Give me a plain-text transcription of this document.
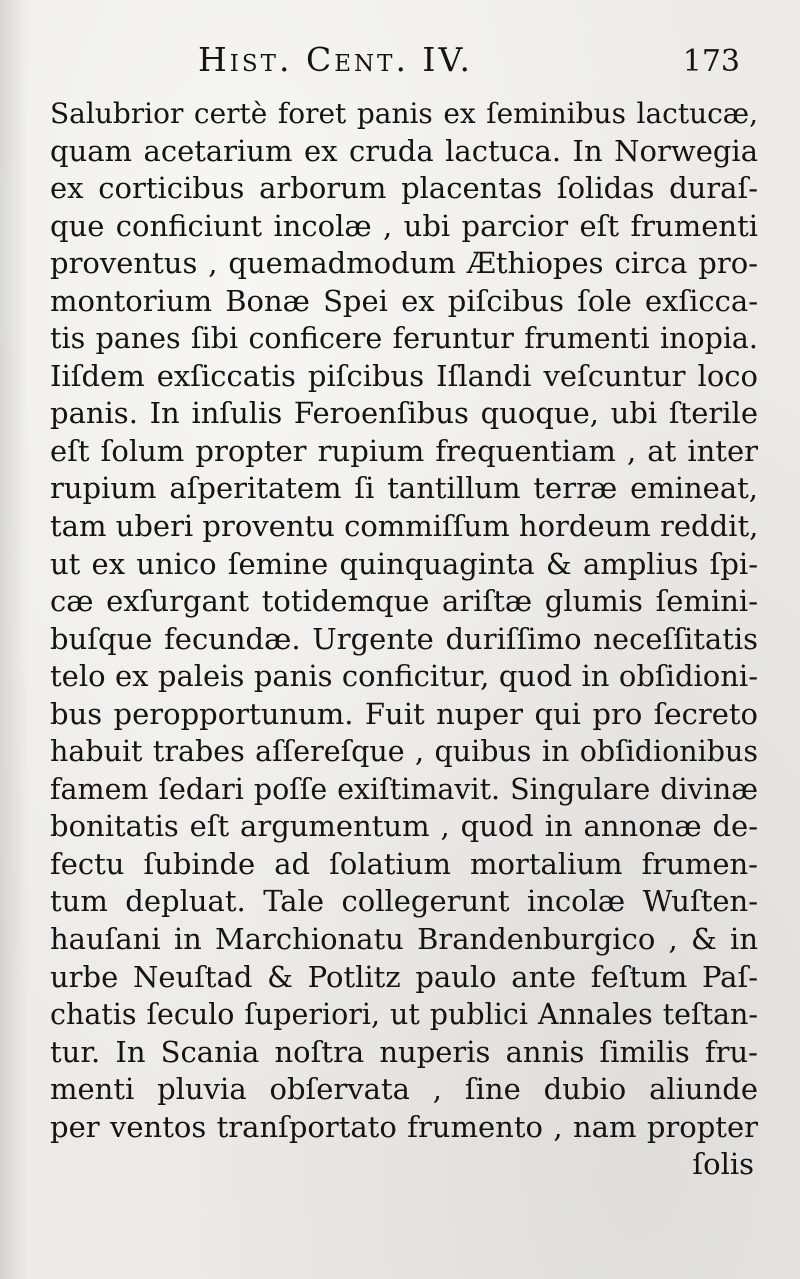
Hist. Cent. IV.	173
Salubrior certè foret panis ex ſeminibus lactucæ,
quam acetarium ex cruda lactuca. In Norwegia
ex corticibus arborum placentas ſolidas duraſ-
que conficiunt incolæ , ubi parcior eſt frumenti
proventus , quemadmodum Æthiopes circa pro-
montorium Bonæ Spei ex piſcibus ſole exſicca-
tis panes ſibi conficere feruntur frumenti inopia.
Iiſdem exſiccatis piſcibus Iſlandi veſcuntur loco
panis. In inſulis Feroenſibus quoque, ubi ſterile
eſt ſolum propter rupium frequentiam , at inter
rupium aſperitatem ſi tantillum terræ emineat,
tam uberi proventu commiſſum hordeum reddit,
ut ex unico ſemine quinquaginta & amplius ſpi-
cæ exſurgant totidemque ariſtæ glumis ſemini-
buſque fecundæ. Urgente duriſſimo neceſſitatis
telo ex paleis panis conficitur, quod in obſidioni-
bus peropportunum. Fuit nuper qui pro ſecreto
habuit trabes aſſereſque , quibus in obſidionibus
famem ſedari poſſe exiſtimavit. Singulare divinæ
bonitatis eſt argumentum , quod in annonæ de-
fectu ſubinde ad ſolatium mortalium frumen-
tum depluat. Tale collegerunt incolæ Wuſten-
hauſani in Marchionatu Brandenburgico , & in
urbe Neuſtad & Potlitz paulo ante feſtum Paſ-
chatis ſeculo ſuperiori, ut publici Annales teſtan-
tur. In Scania noſtra nuperis annis ſimilis fru-
menti pluvia obſervata , ſine dubio aliunde
per ventos tranſportato frumento , nam propter
ſolis
